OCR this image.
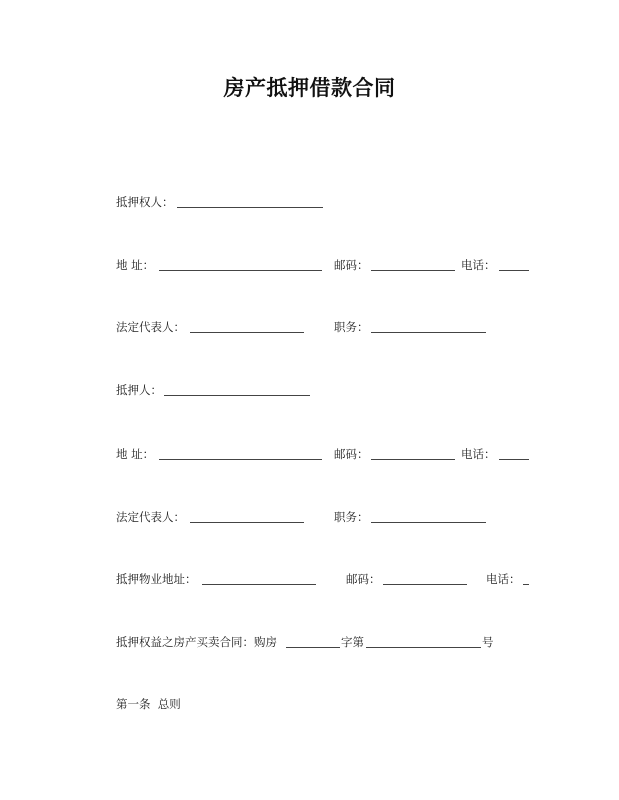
房产抵押借款合同
抵押权人：
地 址：	邮码：	电话：
法定代表人：	职务：
抵押人：
地 址：	邮码：	电话：
法定代表人：	职务：
抵押物业地址：	邮码：	电话：
抵押权益之房产买卖合同：购房	字第	号
第一条  总则
